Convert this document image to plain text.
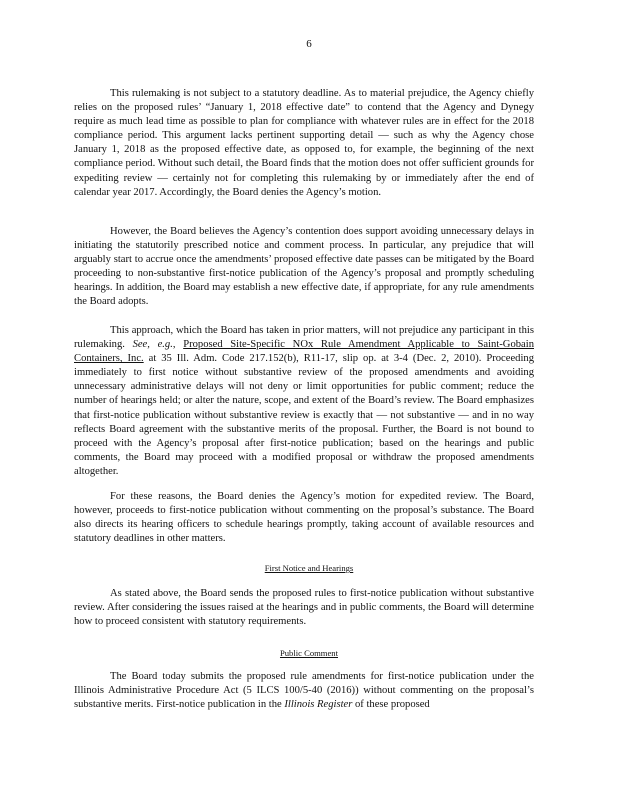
6

This rulemaking is not subject to a statutory deadline. As to material prejudice, the Agency chiefly relies on the proposed rules’ “January 1, 2018 effective date” to contend that the Agency and Dynegy require as much lead time as possible to plan for compliance with whatever rules are in effect for the 2018 compliance period. This argument lacks pertinent supporting detail — such as why the Agency chose January 1, 2018 as the proposed effective date, as opposed to, for example, the beginning of the next compliance period. Without such detail, the Board finds that the motion does not offer sufficient grounds for expediting review — certainly not for completing this rulemaking by or immediately after the end of calendar year 2017. Accordingly, the Board denies the Agency’s motion.

However, the Board believes the Agency’s contention does support avoiding unnecessary delays in initiating the statutorily prescribed notice and comment process. In particular, any prejudice that will arguably start to accrue once the amendments’ proposed effective date passes can be mitigated by the Board proceeding to non-substantive first-notice publication of the Agency’s proposal and promptly scheduling hearings. In addition, the Board may establish a new effective date, if appropriate, for any rule amendments the Board adopts.

This approach, which the Board has taken in prior matters, will not prejudice any participant in this rulemaking. See, e.g., Proposed Site-Specific NOx Rule Amendment Applicable to Saint-Gobain Containers, Inc. at 35 Ill. Adm. Code 217.152(b), R11-17, slip op. at 3-4 (Dec. 2, 2010). Proceeding immediately to first notice without substantive review of the proposed amendments and avoiding unnecessary administrative delays will not deny or limit opportunities for public comment; reduce the number of hearings held; or alter the nature, scope, and extent of the Board’s review. The Board emphasizes that first-notice publication without substantive review is exactly that — not substantive — and in no way reflects Board agreement with the substantive merits of the proposal. Further, the Board is not bound to proceed with the Agency’s proposal after first-notice publication; based on the hearings and public comments, the Board may proceed with a modified proposal or withdraw the proposed amendments altogether.

For these reasons, the Board denies the Agency’s motion for expedited review. The Board, however, proceeds to first-notice publication without commenting on the proposal’s substance. The Board also directs its hearing officers to schedule hearings promptly, taking account of available resources and statutory deadlines in other matters.

First Notice and Hearings

As stated above, the Board sends the proposed rules to first-notice publication without substantive review. After considering the issues raised at the hearings and in public comments, the Board will determine how to proceed consistent with statutory requirements.

Public Comment

The Board today submits the proposed rule amendments for first-notice publication under the Illinois Administrative Procedure Act (5 ILCS 100/5-40 (2016)) without commenting on the proposal’s substantive merits. First-notice publication in the Illinois Register of these proposed
